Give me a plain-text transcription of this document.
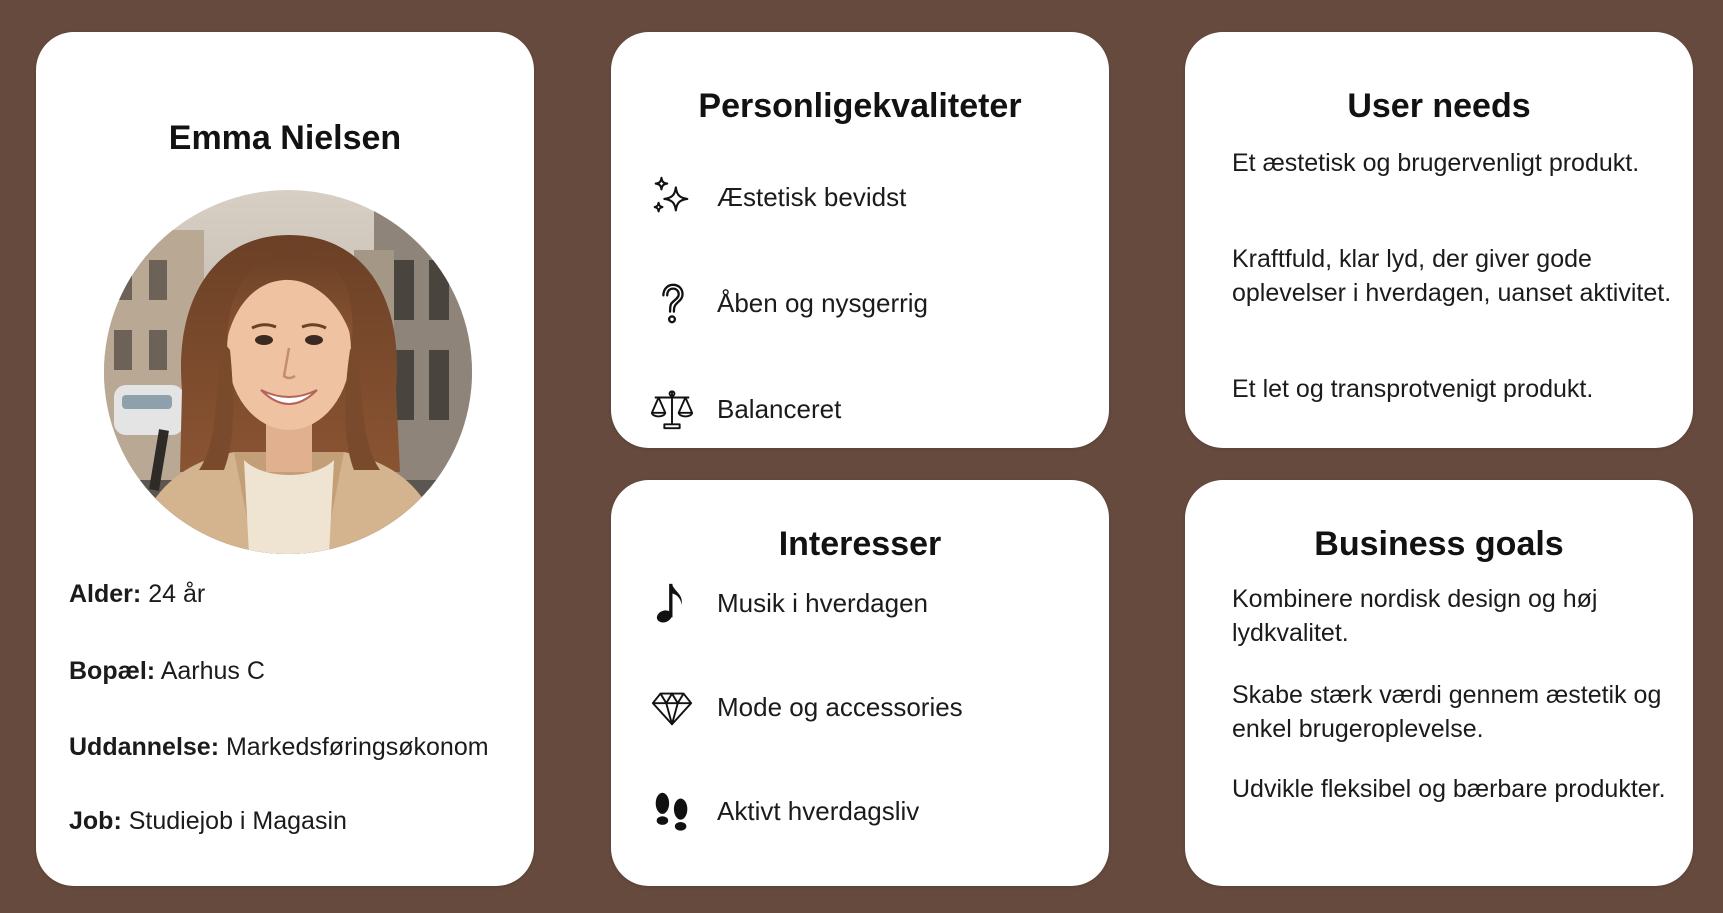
Emma Nielsen
Alder: 24 år
Bopæl: Aarhus C
Uddannelse: Markedsføringsøkonom
Job: Studiejob i Magasin
Personligekvaliteter
Æstetisk bevidst
Åben og nysgerrig
Balanceret
Interesser
Musik i hverdagen
Mode og accessories
Aktivt hverdagsliv
User needs

Et æstetisk og brugervenligt produkt.

Kraftfuld, klar lyd, der giver gode oplevelser i hverdagen, uanset aktivitet.

Et let og transprotvenigt produkt.

Business goals

Kombinere nordisk design og høj lydkvalitet.

Skabe stærk værdi gennem æstetik og enkel brugeroplevelse.

Udvikle fleksibel og bærbare produkter.
